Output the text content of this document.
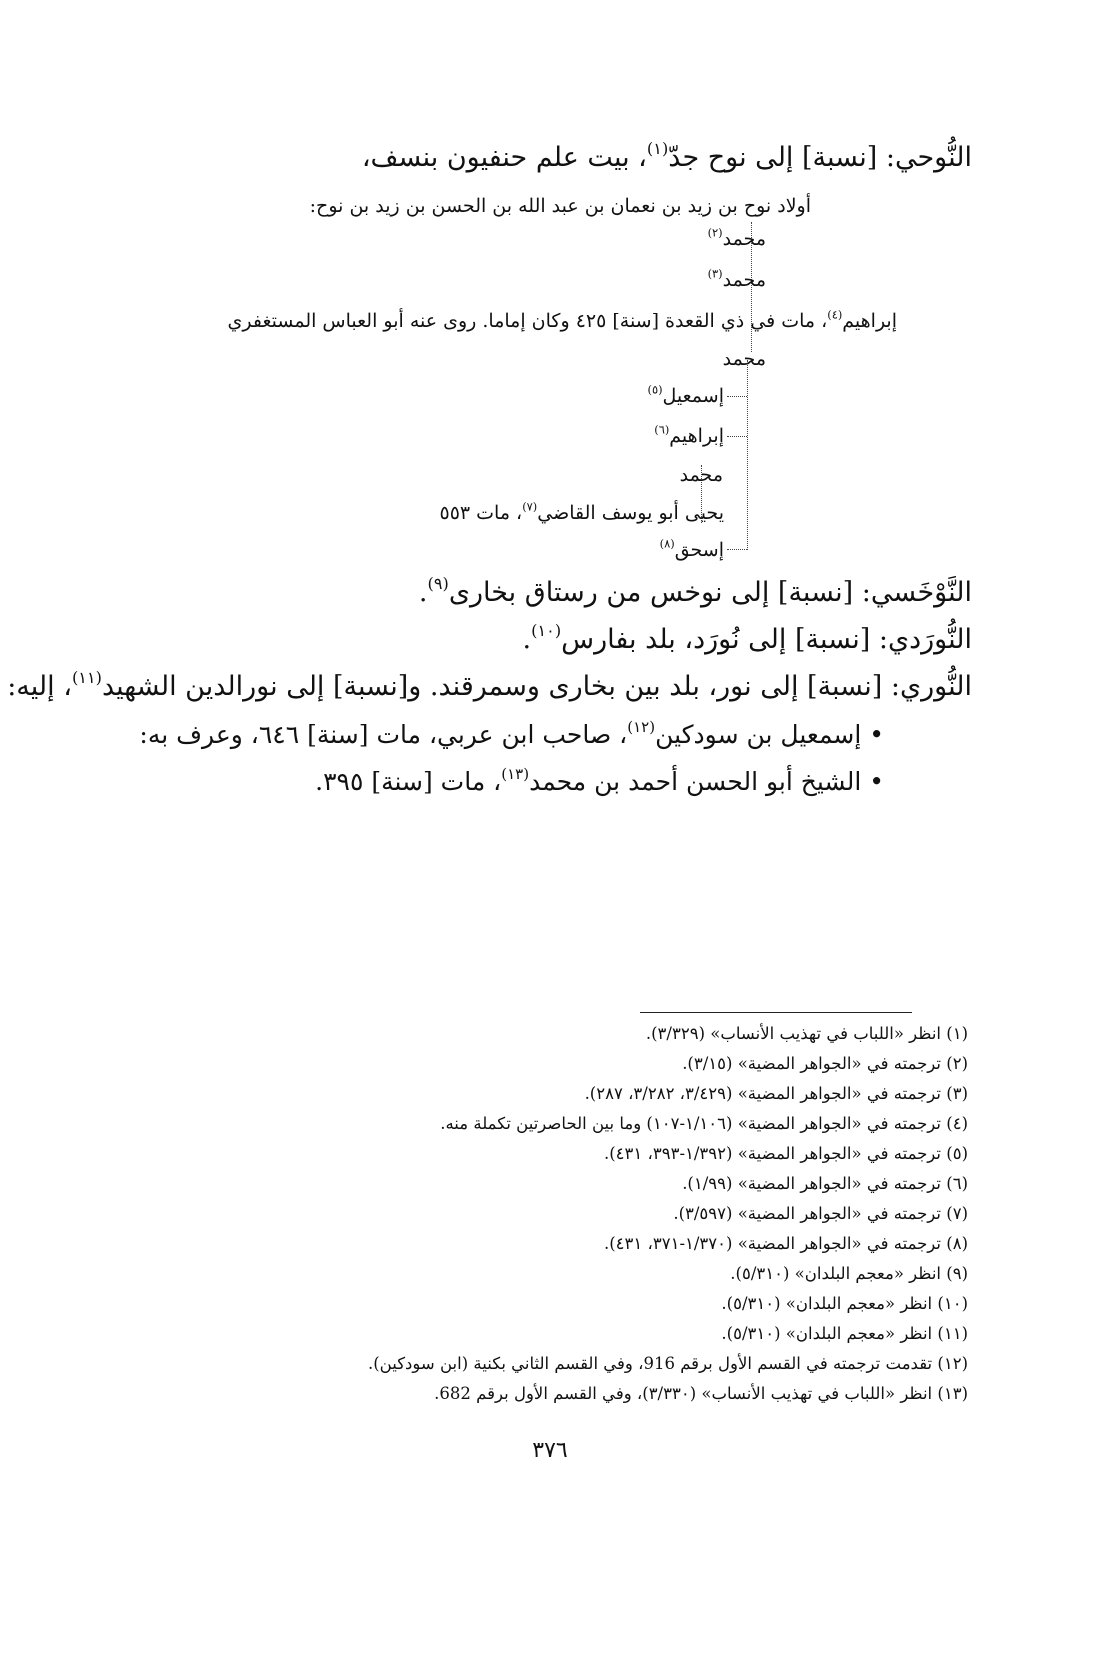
النُّوحي: [نسبة] إلى نوح جدّ$^{(١)}$، بيت علم حنفيون بنسف،
أولاد نوح بن زيد بن نعمان بن عبد الله بن الحسن بن زيد بن نوح:
محمد$^{(٢)}$
محمد$^{(٣)}$
إبراهيم$^{(٤)}$، مات في ذي القعدة [سنة] ٤٢٥ وكان إماما. روى عنه أبو العباس المستغفري
محمد
إسمعيل$^{(٥)}$
إبراهيم$^{(٦)}$
محمد
يحيى أبو يوسف القاضي$^{(٧)}$، مات ٥٥٣
إسحق$^{(٨)}$
النَّوْخَسي: [نسبة] إلى نوخس من رستاق بخارى$^{(٩)}$.
النُّورَدي: [نسبة] إلى نُورَد، بلد بفارس$^{(١٠)}$.
النُّوري: [نسبة] إلى نور، بلد بين بخارى وسمرقند. و[نسبة] إلى نورالدين الشهيد$^{(١١)}$، إليه:
• إسمعيل بن سودكين$^{(١٢)}$، صاحب ابن عربي، مات [سنة] ٦٤٦، وعرف به:
• الشيخ أبو الحسن أحمد بن محمد$^{(١٣)}$، مات [سنة] ٣٩٥.
(١) انظر «اللباب في تهذيب الأنساب» (٣/٣٢٩).
(٢) ترجمته في «الجواهر المضية» (٣/١٥).
(٣) ترجمته في «الجواهر المضية» (٣/٤٢٩، ٣/٢٨٢، ٢٨٧).
(٤) ترجمته في «الجواهر المضية» (١/١٠٦-١٠٧) وما بين الحاصرتين تكملة منه.
(٥) ترجمته في «الجواهر المضية» (١/٣٩٢-٣٩٣، ٤٣١).
(٦) ترجمته في «الجواهر المضية» (١/٩٩).
(٧) ترجمته في «الجواهر المضية» (٣/٥٩٧).
(٨) ترجمته في «الجواهر المضية» (١/٣٧٠-٣٧١، ٤٣١).
(٩) انظر «معجم البلدان» (٥/٣١٠).
(١٠) انظر «معجم البلدان» (٥/٣١٠).
(١١) انظر «معجم البلدان» (٥/٣١٠).
(١٢) تقدمت ترجمته في القسم الأول برقم 916، وفي القسم الثاني بكنية (ابن سودكين).
(١٣) انظر «اللباب في تهذيب الأنساب» (٣/٣٣٠)، وفي القسم الأول برقم 682.
٣٧٦
